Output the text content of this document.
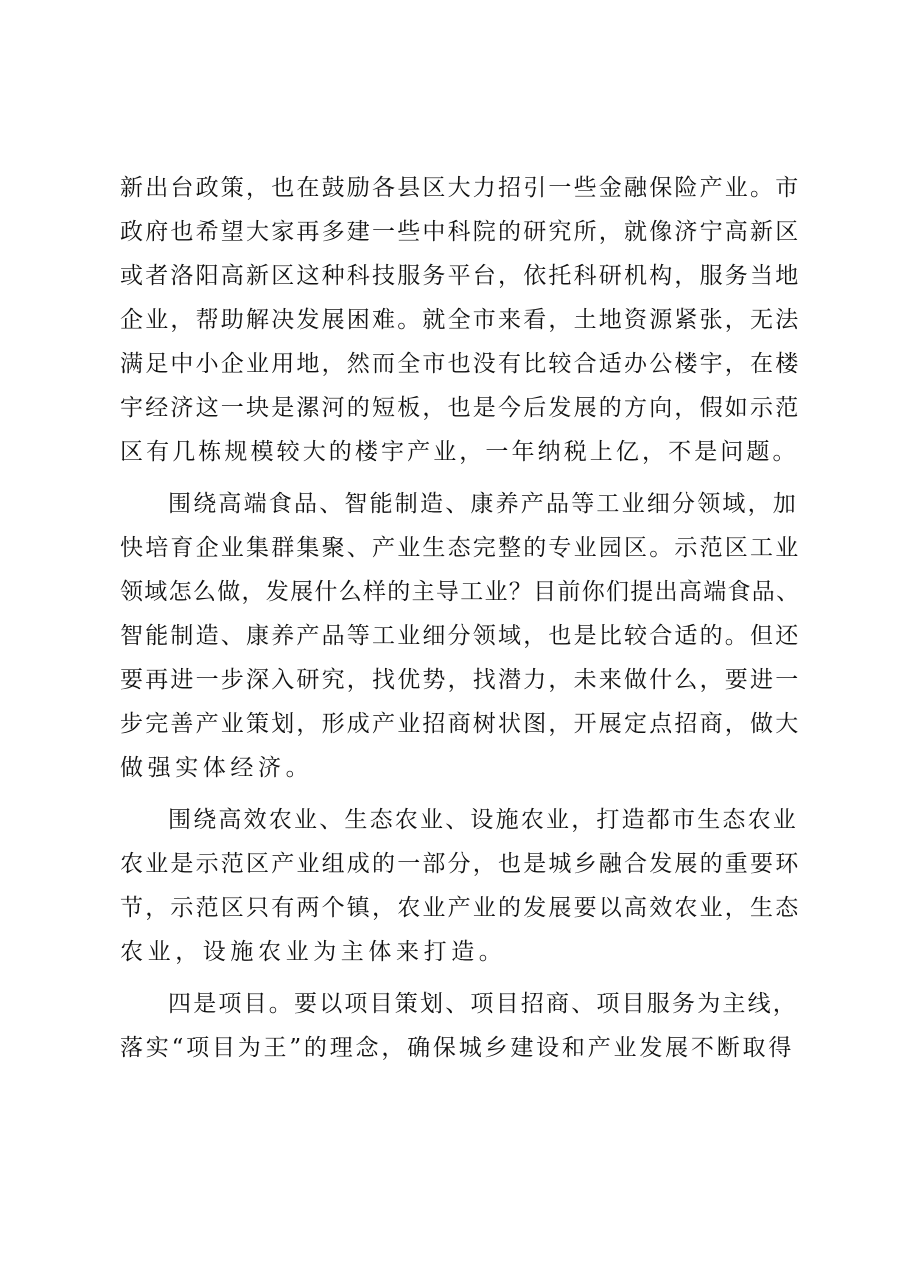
新出台政策，也在鼓励各县区大力招引一些金融保险产业。市
政府也希望大家再多建一些中科院的研究所，就像济宁高新区
或者洛阳高新区这种科技服务平台，依托科研机构，服务当地
企业，帮助解决发展困难。就全市来看，土地资源紧张，无法
满足中小企业用地，然而全市也没有比较合适办公楼宇，在楼
宇经济这一块是漯河的短板，也是今后发展的方向，假如示范
区有几栋规模较大的楼宇产业，一年纳税上亿，不是问题。
围绕高端食品、智能制造、康养产品等工业细分领域，加
快培育企业集群集聚、产业生态完整的专业园区。示范区工业
领域怎么做，发展什么样的主导工业？目前你们提出高端食品、
智能制造、康养产品等工业细分领域，也是比较合适的。但还
要再进一步深入研究，找优势，找潜力，未来做什么，要进一
步完善产业策划，形成产业招商树状图，开展定点招商，做大
做强实体经济。
围绕高效农业、生态农业、设施农业，打造都市生态农业
农业是示范区产业组成的一部分，也是城乡融合发展的重要环
节，示范区只有两个镇，农业产业的发展要以高效农业，生态
农业，设施农业为主体来打造。
四是项目。要以项目策划、项目招商、项目服务为主线，
落实“项目为王”的理念，确保城乡建设和产业发展不断取得
